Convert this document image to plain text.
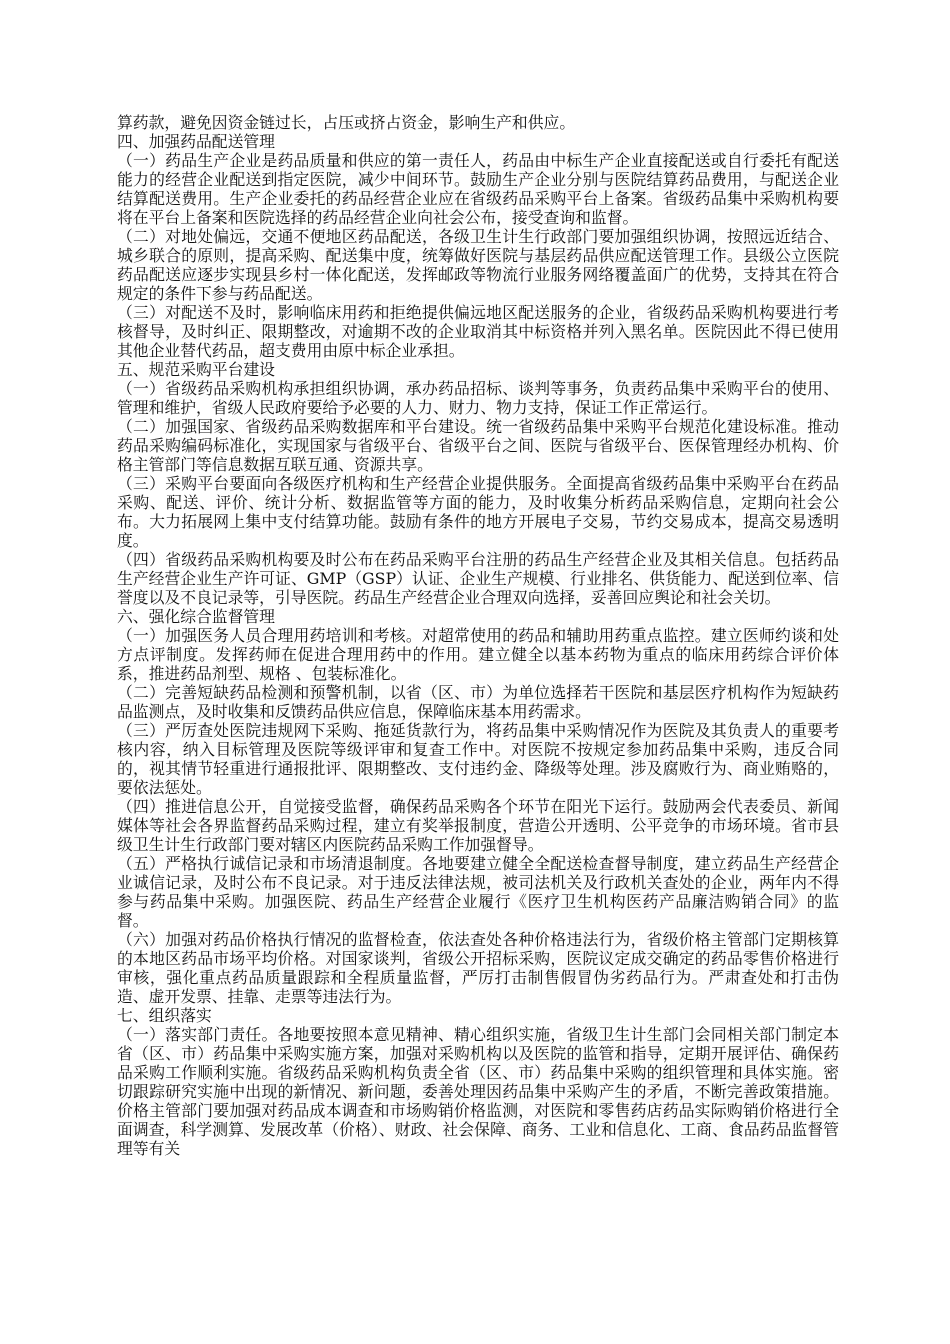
算药款，避免因资金链过长，占压或挤占资金，影响生产和供应。
四、加强药品配送管理
（一）药品生产企业是药品质量和供应的第一责任人，药品由中标生产企业直接配送或自行委托有配送能力的经营企业配送到指定医院，减少中间环节。鼓励生产企业分别与医院结算药品费用，与配送企业结算配送费用。生产企业委托的药品经营企业应在省级药品采购平台上备案。省级药品集中采购机构要将在平台上备案和医院选择的药品经营企业向社会公布，接受查询和监督。
（二）对地处偏远，交通不便地区药品配送，各级卫生计生行政部门要加强组织协调，按照远近结合、城乡联合的原则，提高采购、配送集中度，统筹做好医院与基层药品供应配送管理工作。县级公立医院药品配送应逐步实现县乡村一体化配送，发挥邮政等物流行业服务网络覆盖面广的优势，支持其在符合规定的条件下参与药品配送。
（三）对配送不及时，影响临床用药和拒绝提供偏远地区配送服务的企业，省级药品采购机构要进行考核督导，及时纠正、限期整改，对逾期不改的企业取消其中标资格并列入黑名单。医院因此不得已使用其他企业替代药品，超支费用由原中标企业承担。
五、规范采购平台建设
（一）省级药品采购机构承担组织协调，承办药品招标、谈判等事务，负责药品集中采购平台的使用、管理和维护，省级人民政府要给予必要的人力、财力、物力支持，保证工作正常运行。
（二）加强国家、省级药品采购数据库和平台建设。统一省级药品集中采购平台规范化建设标准。推动药品采购编码标准化，实现国家与省级平台、省级平台之间、医院与省级平台、医保管理经办机构、价格主管部门等信息数据互联互通、资源共享。
（三）采购平台要面向各级医疗机构和生产经营企业提供服务。全面提高省级药品集中采购平台在药品采购、配送、评价、统计分析、数据监管等方面的能力，及时收集分析药品采购信息，定期向社会公布。大力拓展网上集中支付结算功能。鼓励有条件的地方开展电子交易，节约交易成本，提高交易透明度。
（四）省级药品采购机构要及时公布在药品采购平台注册的药品生产经营企业及其相关信息。包括药品生产经营企业生产许可证、GMP（GSP）认证、企业生产规模、行业排名、供货能力、配送到位率、信誉度以及不良记录等，引导医院。药品生产经营企业合理双向选择，妥善回应舆论和社会关切。
六、强化综合监督管理
（一）加强医务人员合理用药培训和考核。对超常使用的药品和辅助用药重点监控。建立医师约谈和处方点评制度。发挥药师在促进合理用药中的作用。建立健全以基本药物为重点的临床用药综合评价体系，推进药品剂型、规格 、包装标准化。
（二）完善短缺药品检测和预警机制，以省（区、市）为单位选择若干医院和基层医疗机构作为短缺药品监测点，及时收集和反馈药品供应信息，保障临床基本用药需求。
（三）严厉查处医院违规网下采购、拖延货款行为，将药品集中采购情况作为医院及其负责人的重要考核内容，纳入目标管理及医院等级评审和复查工作中。对医院不按规定参加药品集中采购，违反合同的，视其情节轻重进行通报批评、限期整改、支付违约金、降级等处理。涉及腐败行为、商业贿赂的，要依法惩处。
（四）推进信息公开，自觉接受监督，确保药品采购各个环节在阳光下运行。鼓励两会代表委员、新闻媒体等社会各界监督药品采购过程，建立有奖举报制度，营造公开透明、公平竞争的市场环境。省市县级卫生计生行政部门要对辖区内医院药品采购工作加强督导。
（五）严格执行诚信记录和市场清退制度。各地要建立健全全配送检查督导制度，建立药品生产经营企业诚信记录，及时公布不良记录。对于违反法律法规，被司法机关及行政机关查处的企业，两年内不得参与药品集中采购。加强医院、药品生产经营企业履行《医疗卫生机构医药产品廉洁购销合同》的监督。
（六）加强对药品价格执行情况的监督检查，依法查处各种价格违法行为，省级价格主管部门定期核算的本地区药品市场平均价格。对国家谈判，省级公开招标采购，医院议定成交确定的药品零售价格进行审核，强化重点药品质量跟踪和全程质量监督，严厉打击制售假冒伪劣药品行为。严肃查处和打击伪造、虚开发票、挂靠、走票等违法行为。
七、组织落实
（一）落实部门责任。各地要按照本意见精神、精心组织实施，省级卫生计生部门会同相关部门制定本省（区、市）药品集中采购实施方案，加强对采购机构以及医院的监管和指导，定期开展评估、确保药品采购工作顺利实施。省级药品采购机构负责全省（区、市）药品集中采购的组织管理和具体实施。密切跟踪研究实施中出现的新情况、新问题，委善处理因药品集中采购产生的矛盾，不断完善政策措施。价格主管部门要加强对药品成本调查和市场购销价格监测，对医院和零售药店药品实际购销价格进行全面调查，科学测算、发展改革（价格）、财政、社会保障、商务、工业和信息化、工商、食品药品监督管理等有关
